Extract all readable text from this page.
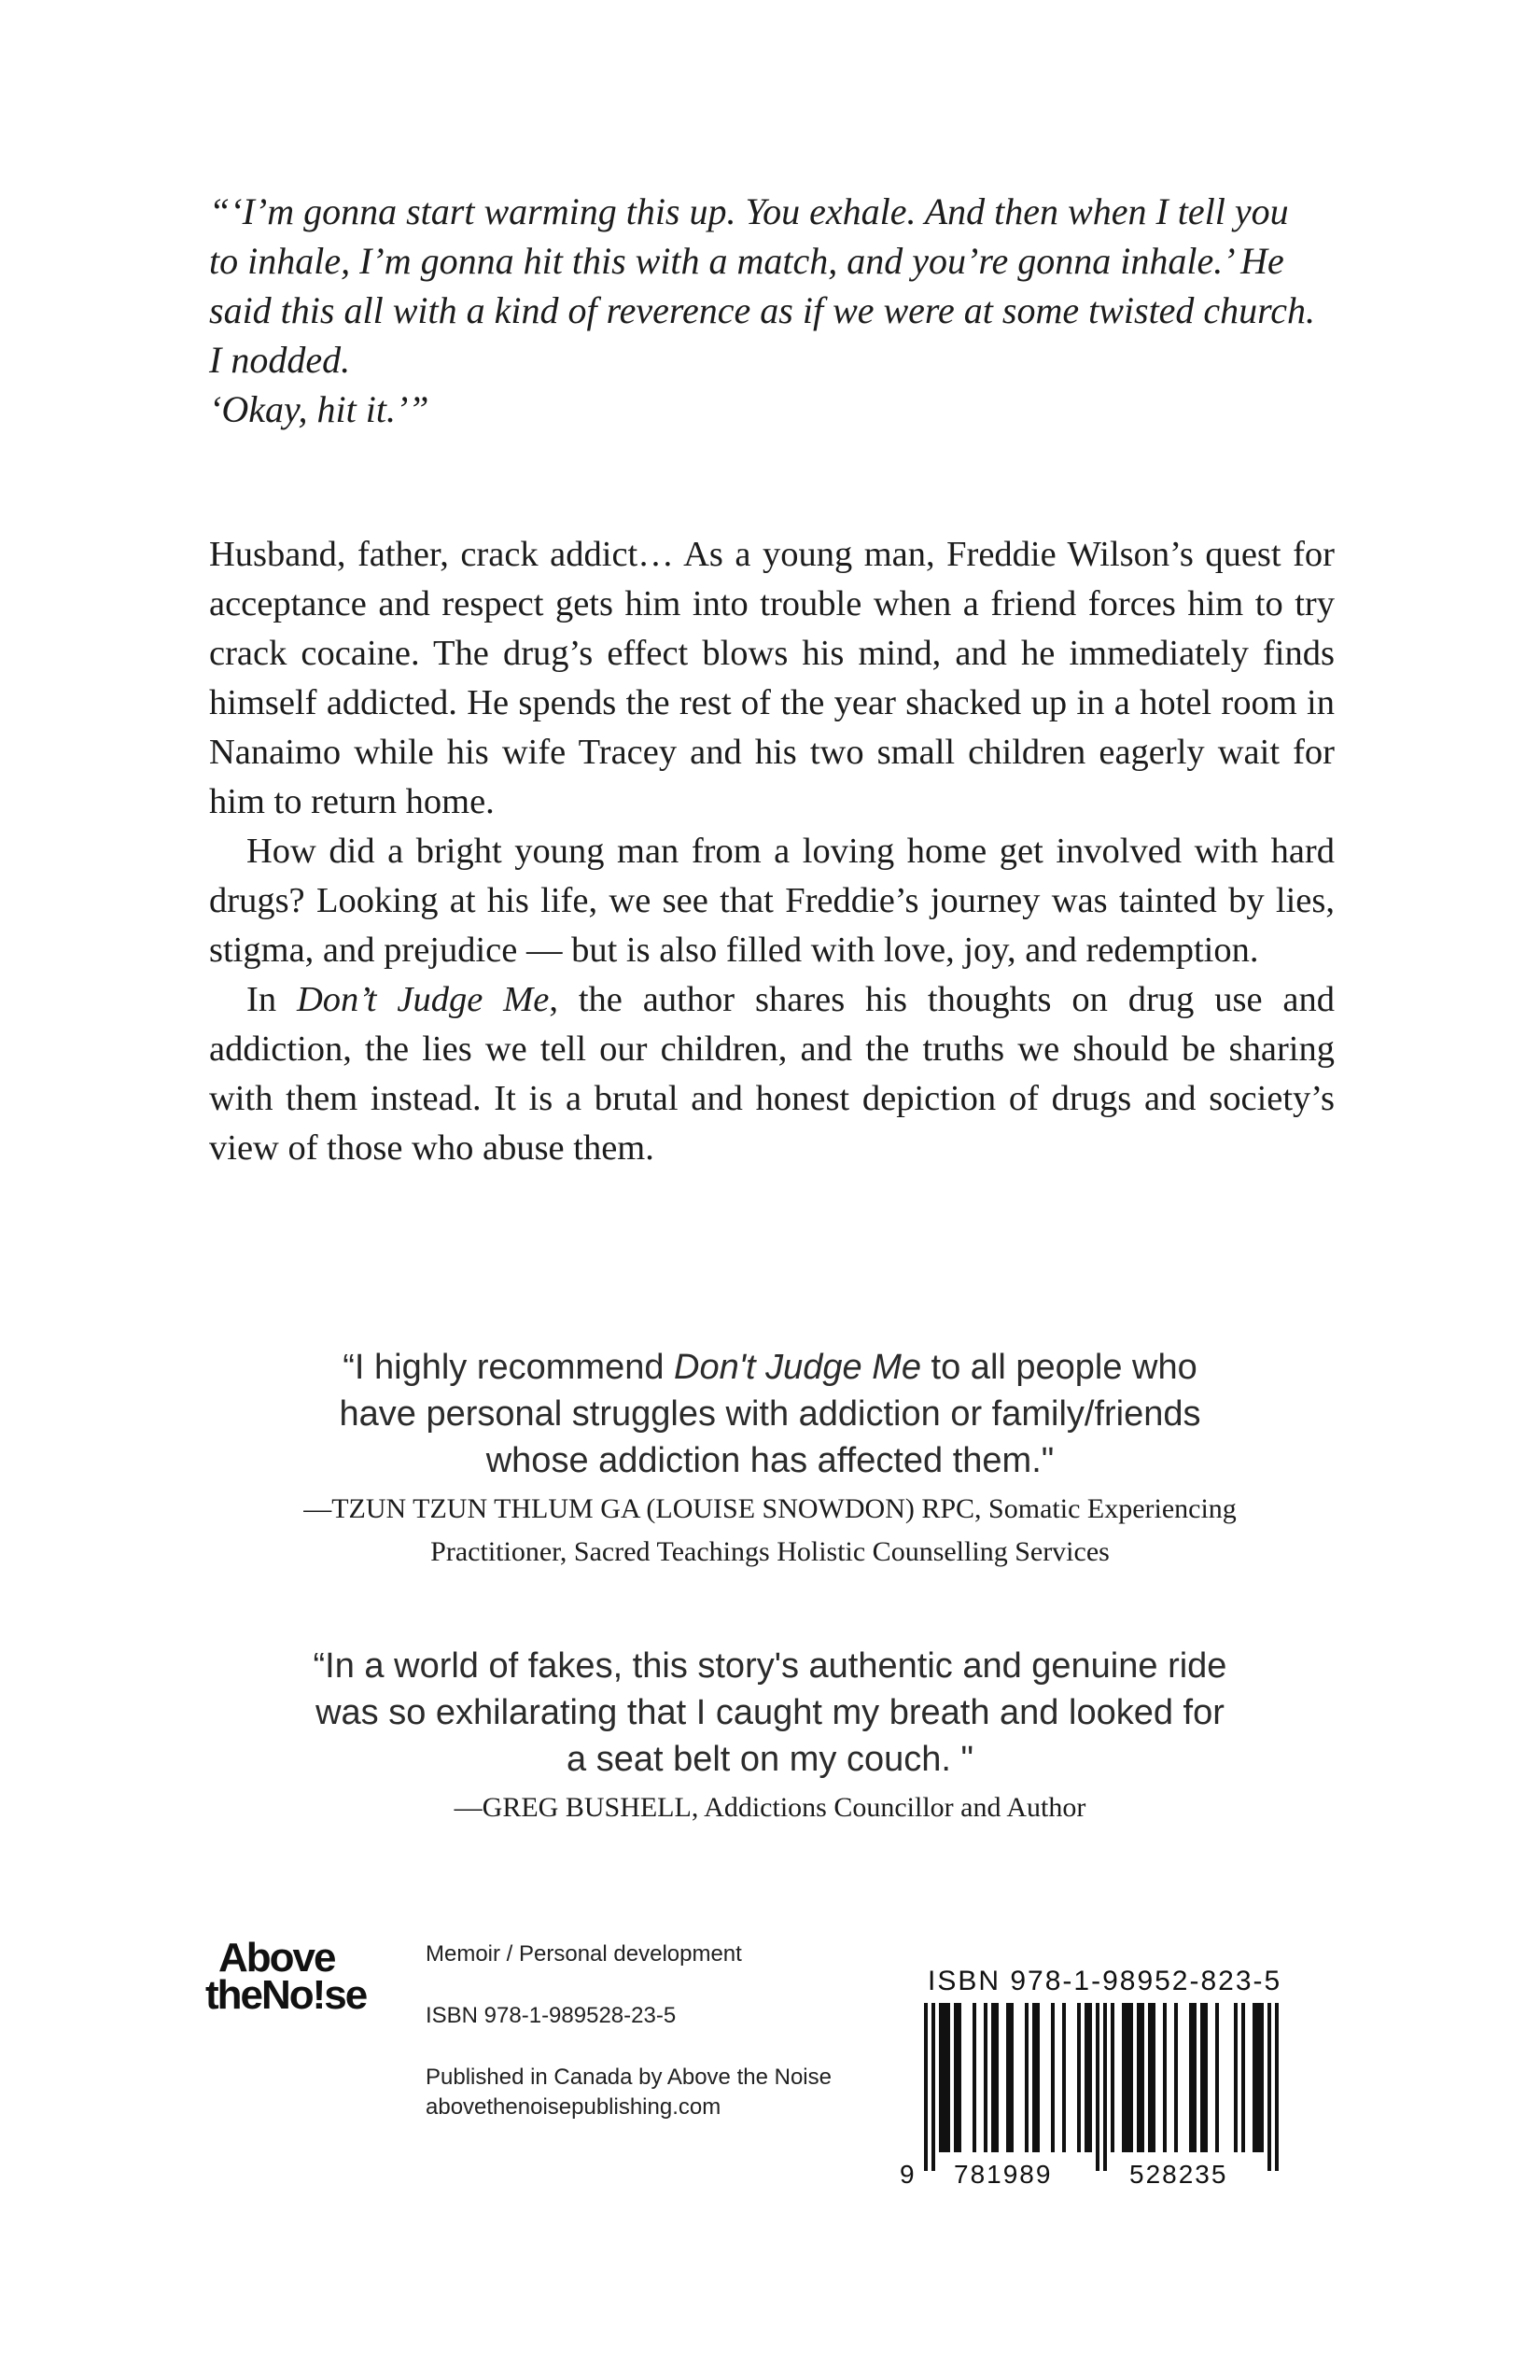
“‘I’m gonna start warming this up. You exhale. And then when I tell you

to inhale, I’m gonna hit this with a match, and you’re gonna inhale.’ He

said this all with a kind of reverence as if we were at some twisted church.

I nodded.

‘Okay, hit it.’”

Husband, father, crack addict… As a young man, Freddie Wilson’s quest for acceptance and respect gets him into trouble when a friend forces him to try crack cocaine. The drug’s effect blows his mind, and he immediately finds himself addicted. He spends the rest of the year shacked up in a hotel room in Nanaimo while his wife Tracey and his two small children eagerly wait for him to return home.

How did a bright young man from a loving home get involved with hard drugs? Looking at his life, we see that Freddie’s journey was tainted by lies, stigma, and prejudice — but is also filled with love, joy, and redemption.

In Don’t Judge Me, the author shares his thoughts on drug use and addiction, the lies we tell our children, and the truths we should be sharing with them instead. It is a brutal and honest depiction of drugs and society’s view of those who abuse them.

“I highly recommend Don't Judge Me to all people who
have personal struggles with addiction or family/friends
whose addiction has affected them."

—TZUN TZUN THLUM GA (LOUISE SNOWDON) RPC, Somatic Experiencing
Practitioner, Sacred Teachings Holistic Counselling Services

“In a world of fakes, this story's authentic and genuine ride
was so exhilarating that I caught my breath and looked for
a seat belt on my couch. "

—GREG BUSHELL, Addictions Councillor and Author

Above
theNo!se

Memoir / Personal development

ISBN 978-1-989528-23-5

Published in Canada by Above the Noise

abovethenoisepublishing.com

ISBN 978-1-98952-823-5
9 781989	528235
